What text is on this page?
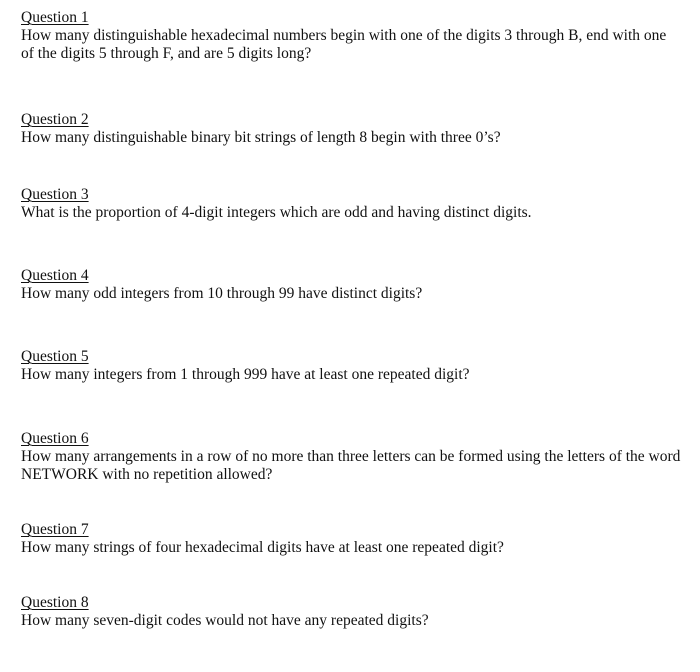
Question 1

How many distinguishable hexadecimal numbers begin with one of the digits 3 through B, end with one of the digits 5 through F, and are 5 digits long?

Question 2

How many distinguishable binary bit strings of length 8 begin with three 0’s?

Question 3

What is the proportion of 4-digit integers which are odd and having distinct digits.

Question 4

How many odd integers from 10 through 99 have distinct digits?

Question 5

How many integers from 1 through 999 have at least one repeated digit?

Question 6

How many arrangements in a row of no more than three letters can be formed using the letters of the word NETWORK with no repetition allowed?

Question 7

How many strings of four hexadecimal digits have at least one repeated digit?

Question 8

How many seven-digit codes would not have any repeated digits?
